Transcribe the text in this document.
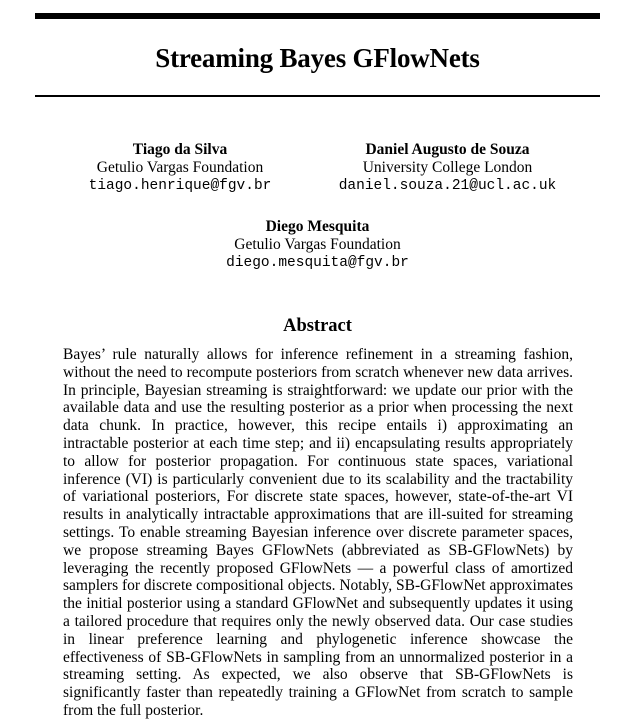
Streaming Bayes GFlowNets
Tiago da Silva
Getulio Vargas Foundation
tiago.henrique@fgv.br
Daniel Augusto de Souza
University College London
daniel.souza.21@ucl.ac.uk
Diego Mesquita
Getulio Vargas Foundation
diego.mesquita@fgv.br
Abstract

Bayes’ rule naturally allows for inference refinement in a streaming fashion, without the need to recompute posteriors from scratch whenever new data arrives. In principle, Bayesian streaming is straightforward: we update our prior with the available data and use the resulting posterior as a prior when processing the next data chunk. In practice, however, this recipe entails i) approximating an intractable posterior at each time step; and ii) encapsulating results appropriately to allow for posterior propagation. For continuous state spaces, variational inference (VI) is particularly convenient due to its scalability and the tractability of variational posteriors, For discrete state spaces, however, state-of-the-art VI results in analytically intractable approximations that are ill-suited for streaming settings. To enable streaming Bayesian inference over discrete parameter spaces, we propose streaming Bayes GFlowNets (abbreviated as SB-GFlowNets) by leveraging the recently proposed GFlowNets — a powerful class of amortized samplers for discrete compositional objects. Notably, SB-GFlowNet approximates the initial posterior using a standard GFlowNet and subsequently updates it using a tailored procedure that requires only the newly observed data. Our case studies in linear preference learning and phylogenetic inference showcase the effectiveness of SB-GFlowNets in sampling from an unnormalized posterior in a streaming setting. As expected, we also observe that SB-GFlowNets is significantly faster than repeatedly training a GFlowNet from scratch to sample from the full posterior.
